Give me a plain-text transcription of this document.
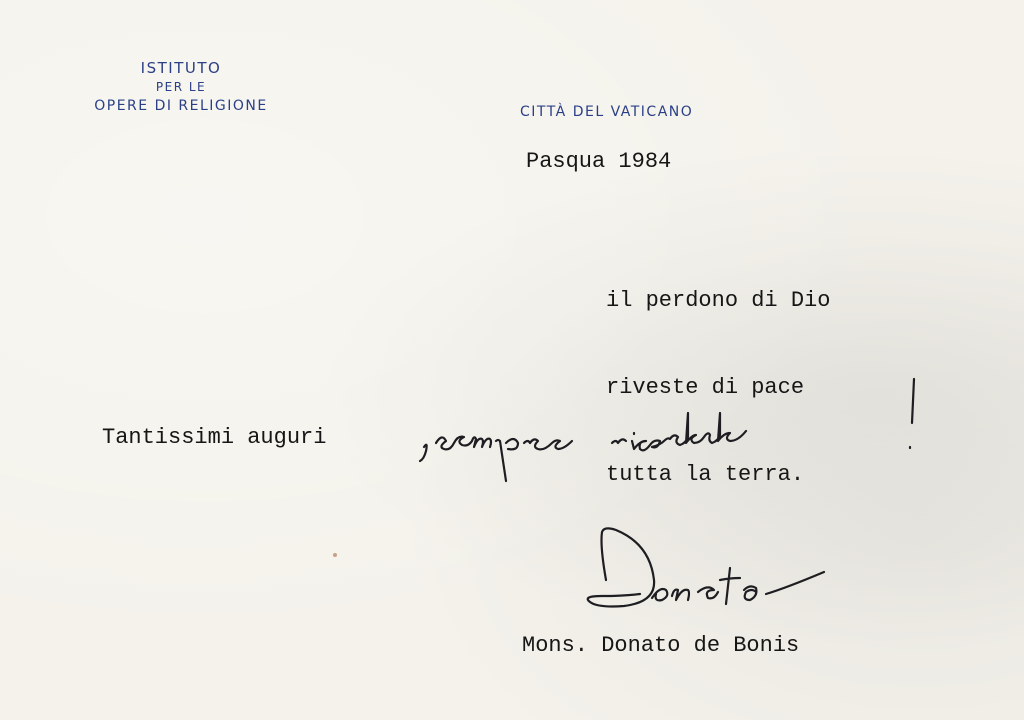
ISTITUTO
PER LE
OPERE DI RELIGIONE	CITTÀ DEL VATICANO
Pasqua 1984

il perdono di Dio

riveste di pace

tutta la terra.

Tantissimi auguri
Mons. Donato de Bonis
